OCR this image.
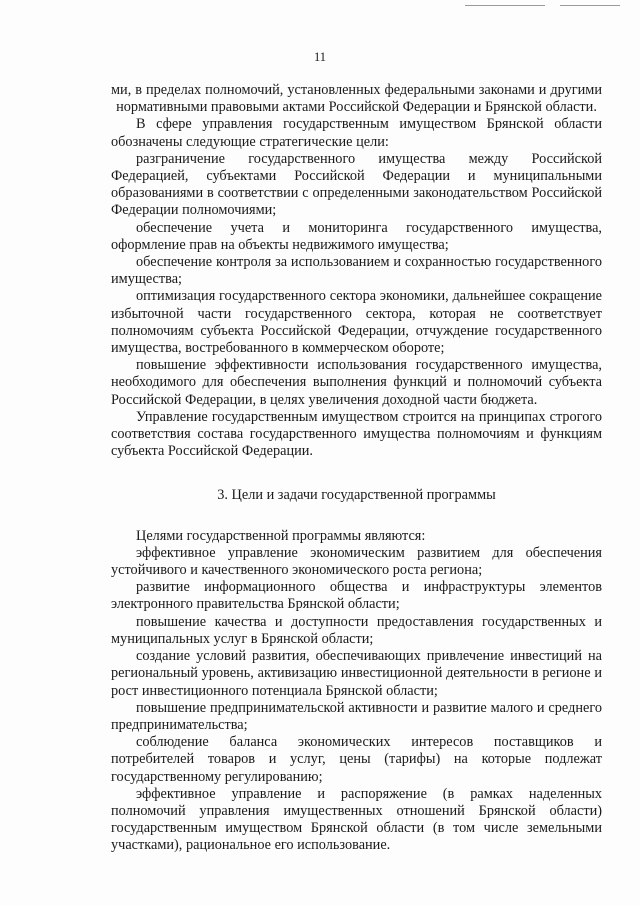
11

ми, в пределах полномочий, установленных федеральными законами и другими нормативными правовыми актами Российской Федерации и Брянской области.

В сфере управления государственным имуществом Брянской области обозначены следующие стратегические цели:

разграничение государственного имущества между Российской Федерацией, субъектами Российской Федерации и муниципальными образованиями в соответствии с определенными законодательством Российской Федерации полномочиями;

обеспечение учета и мониторинга государственного имущества, оформление прав на объекты недвижимого имущества;

обеспечение контроля за использованием и сохранностью государственного имущества;

оптимизация государственного сектора экономики, дальнейшее сокращение избыточной части государственного сектора, которая не соответствует полномочиям субъекта Российской Федерации, отчуждение государственного имущества, востребованного в коммерческом обороте;

повышение эффективности использования государственного имущества, необходимого для обеспечения выполнения функций и полномочий субъекта Российской Федерации, в целях увеличения доходной части бюджета.

Управление государственным имуществом строится на принципах строгого соответствия состава государственного имущества полномочиям и функциям субъекта Российской Федерации.

3. Цели и задачи государственной программы

Целями государственной программы являются:

эффективное управление экономическим развитием для обеспечения устойчивого и качественного экономического роста региона;

развитие информационного общества и инфраструктуры элементов электронного правительства Брянской области;

повышение качества и доступности предоставления государственных и муниципальных услуг в Брянской области;

создание условий развития, обеспечивающих привлечение инвестиций на региональный уровень, активизацию инвестиционной деятельности в регионе и рост инвестиционного потенциала Брянской области;

повышение предпринимательской активности и развитие малого и среднего предпринимательства;

соблюдение баланса экономических интересов поставщиков и потребителей товаров и услуг, цены (тарифы) на которые подлежат государственному регулированию;

эффективное управление и распоряжение (в рамках наделенных полномочий управления имущественных отношений Брянской области) государственным имуществом Брянской области (в том числе земельными участками), рациональное его использование.
